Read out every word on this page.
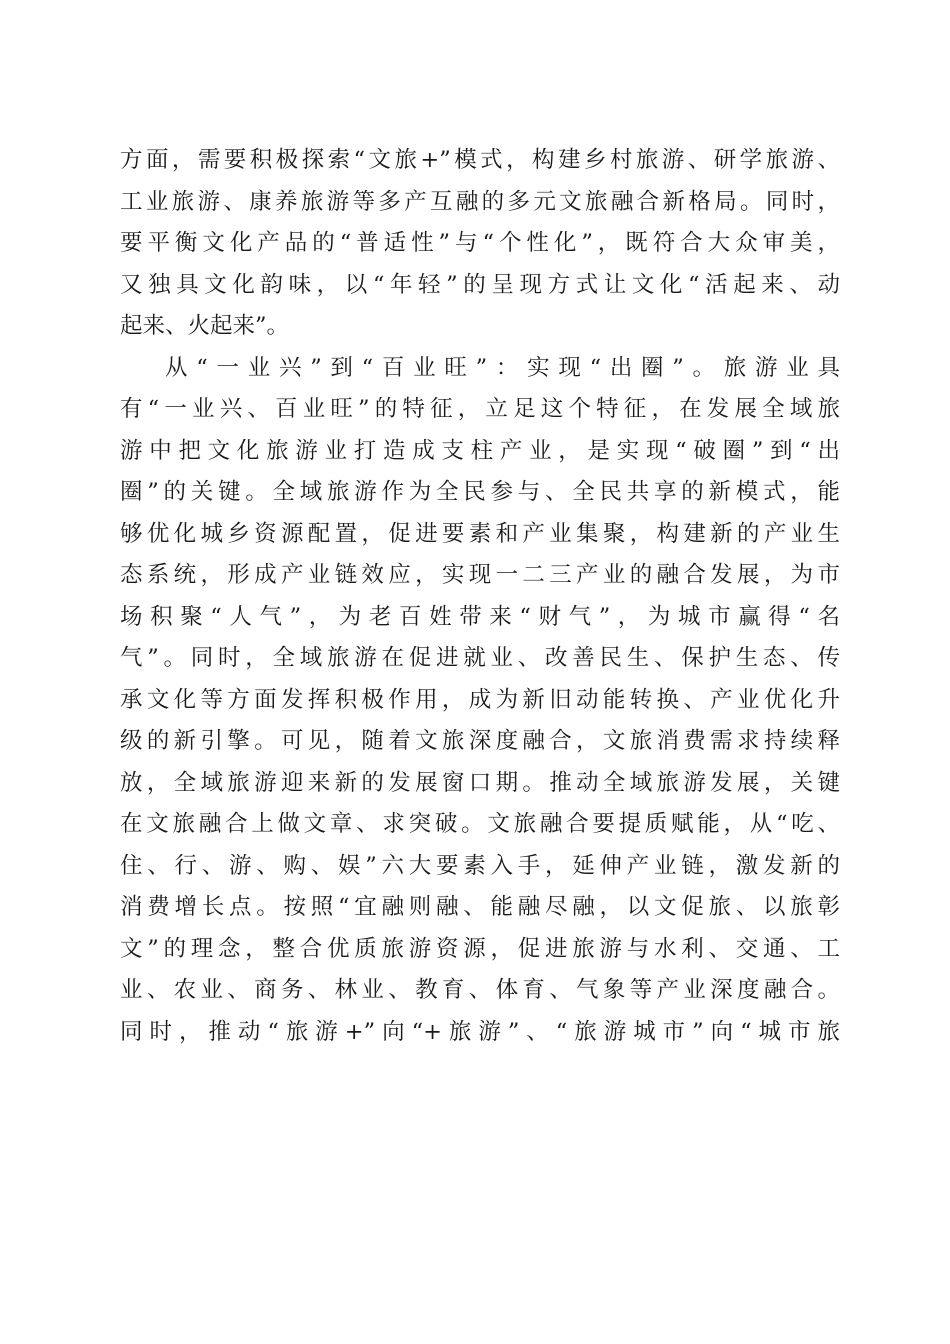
方面，需要积极探索“文旅+”模式，构建乡村旅游、研学旅游、
工业旅游、康养旅游等多产互融的多元文旅融合新格局。同时，
要平衡文化产品的“普适性”与“个性化”，既符合大众审美，
又独具文化韵味，以“年轻”的呈现方式让文化“活起来、动
起来、火起来”。
从“一业兴”到“百业旺”：实现“出圈”。旅游业具
有“一业兴、百业旺”的特征，立足这个特征，在发展全域旅
游中把文化旅游业打造成支柱产业，是实现“破圈”到“出
圈”的关键。全域旅游作为全民参与、全民共享的新模式，能
够优化城乡资源配置，促进要素和产业集聚，构建新的产业生
态系统，形成产业链效应，实现一二三产业的融合发展，为市
场积聚“人气”，为老百姓带来“财气”，为城市赢得“名
气”。同时，全域旅游在促进就业、改善民生、保护生态、传
承文化等方面发挥积极作用，成为新旧动能转换、产业优化升
级的新引擎。可见，随着文旅深度融合，文旅消费需求持续释
放，全域旅游迎来新的发展窗口期。推动全域旅游发展，关键
在文旅融合上做文章、求突破。文旅融合要提质赋能，从“吃、
住、行、游、购、娱”六大要素入手，延伸产业链，激发新的
消费增长点。按照“宜融则融、能融尽融，以文促旅、以旅彰
文”的理念，整合优质旅游资源，促进旅游与水利、交通、工
业、农业、商务、林业、教育、体育、气象等产业深度融合。
同时，推动“旅游+”向“+旅游”、“旅游城市”向“城市旅
